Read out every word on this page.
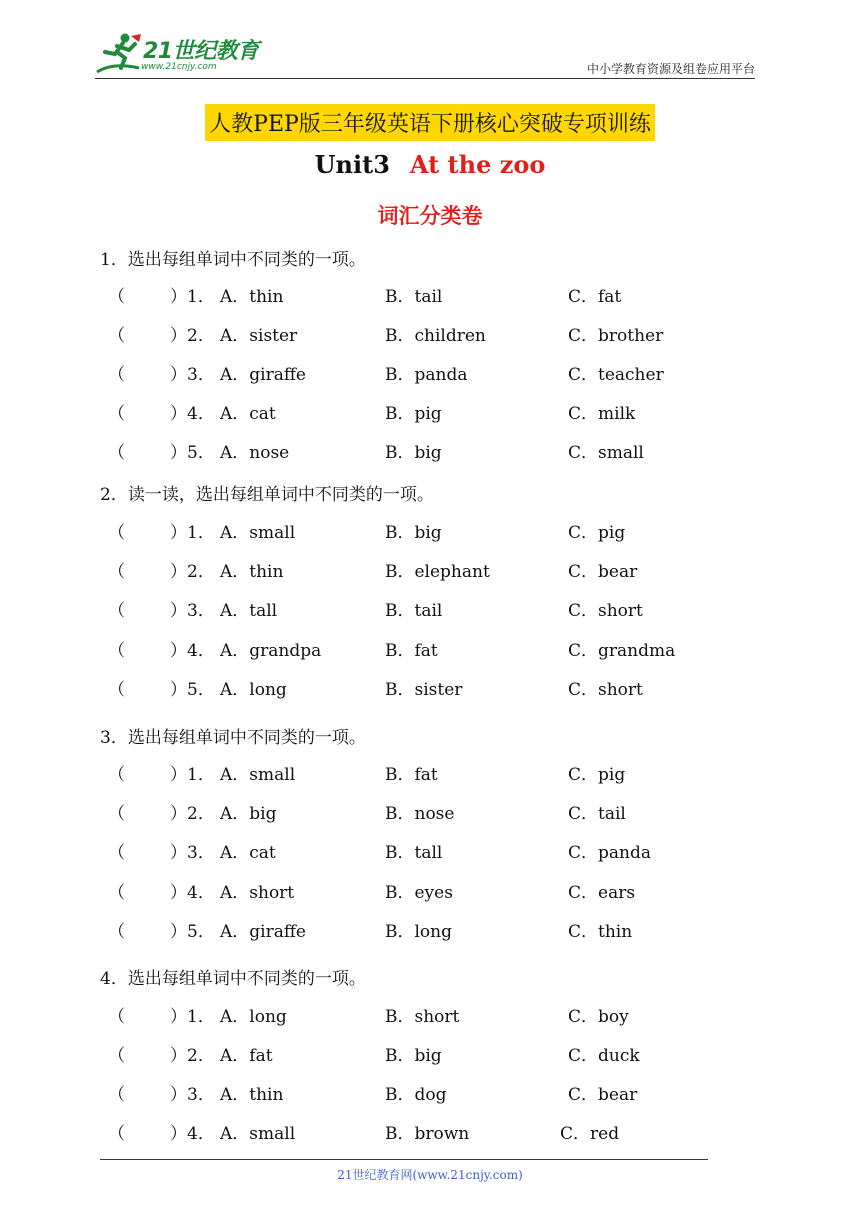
21世纪教育
www.21cnjy.com	中小学教育资源及组卷应用平台
人教PEP版三年级英语下册核心突破专项训练
Unit3 At the zoo
词汇分类卷
1．选出每组单词中不同类的一项。
（	）1． A．thin	B．tail	C．fat
（	）2． A．sister	B．children	C．brother
（	）3． A．giraffe	B．panda	C．teacher
（	）4． A．cat	B．pig	C．milk
（	）5． A．nose	B．big	C．small
2．读一读，选出每组单词中不同类的一项。
（	）1． A．small	B．big	C．pig
（	）2． A．thin	B．elephant	C．bear
（	）3． A．tall	B．tail	C．short
（	）4． A．grandpa	B．fat	C．grandma
（	）5． A．long	B．sister	C．short
3．选出每组单词中不同类的一项。
（	）1． A．small	B．fat	C．pig
（	）2． A．big	B．nose	C．tail
（	）3． A．cat	B．tall	C．panda
（	）4． A．short	B．eyes	C．ears
（	）5． A．giraffe	B．long	C．thin
4．选出每组单词中不同类的一项。
（	）1． A．long	B．short	C．boy
（	）2． A．fat	B．big	C．duck
（	）3． A．thin	B．dog	C．bear
（	）4． A．small	B．brown	C．red
21世纪教育网(www.21cnjy.com)
